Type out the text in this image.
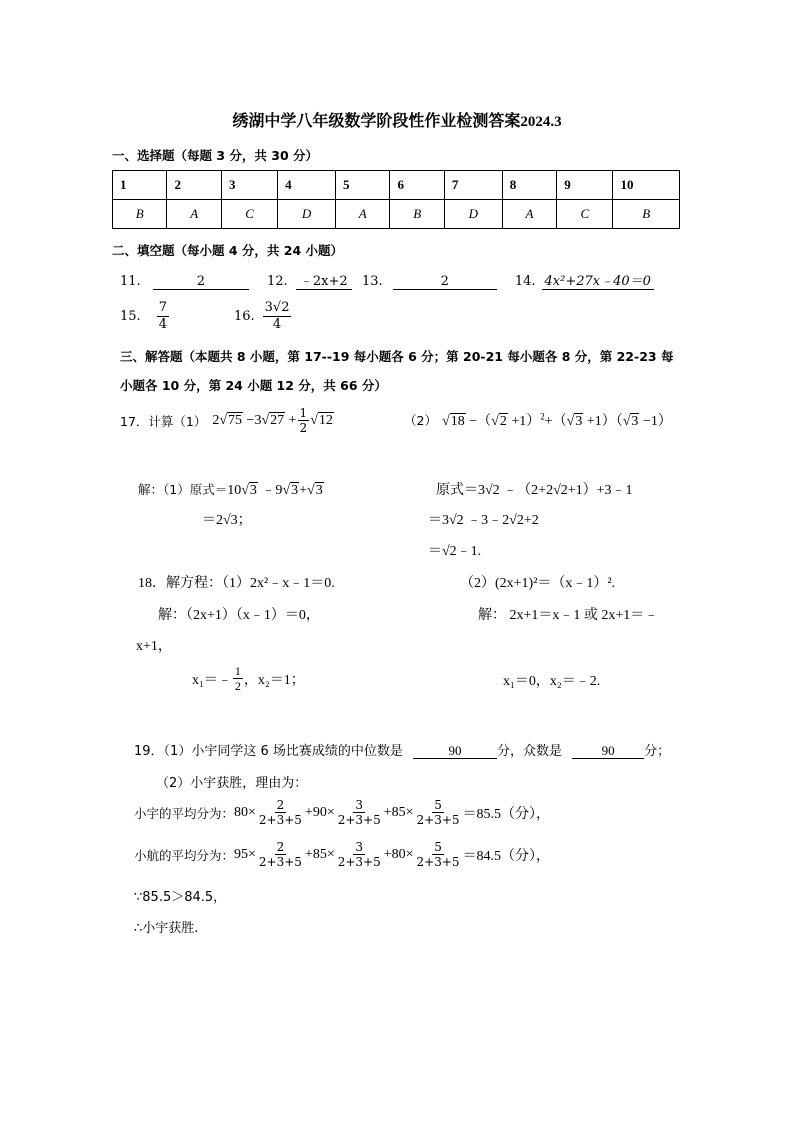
绣湖中学八年级数学阶段性作业检测答案2024.3
一、选择题（每题 3 分，共 30 分）
1	2	3	4	5	6	7	8	9	10
B	A	C	D	A	B	D	A	C	B
二、填空题（每小题 4 分，共 24 小题）
11.	2	12. ﹣2x+2 13.	2	14. 4x²+27x﹣40＝0
15. $\frac{7}{4}$	16. $\frac{3√2}{4}$
三、解答题（本题共 8 小题，第 17--19 每小题各 6 分；第 20-21 每小题各 8 分，第 22-23 每
小题各 10 分，第 24 小题 12 分，共 66 分）
17．计算（1） $2√75 -3√27 + \frac{1}{2} √12$	（2） $√18 -(√2 +1)^2+(√3 +1)(√3 -1)$
解：（1）原式＝10√3 ﹣9√3+√3
＝2√3；
原式＝3√2 ﹣（2+2√2+1）+3﹣1
＝3√2 ﹣3﹣2√2+2
＝√2﹣1.
18．解方程：（1）2x²﹣x﹣1＝0.	（2）(2x+1)²＝（x﹣1）².
解：（2x+1）（x﹣1）＝0，	解： 2x+1＝x﹣1 或 2x+1＝﹣
x+1，
x₁＝﹣ $\frac{1}{2}$ ，x₂＝1；	x₁＝0，x₂＝﹣2.
19．（1）小宇同学这 6 场比赛成绩的中位数是	90	分，众数是	90 分；
（2）小宇获胜，理由为：
小宇的平均分为： $80\times \frac{2}{2+3+5} +90\times \frac{3}{2+3+5} +85\times \frac{5}{2+3+5} =85.5$（分），
小航的平均分为： $95\times \frac{2}{2+3+5} +85\times \frac{3}{2+3+5} +80\times \frac{5}{2+3+5} =84.5$（分），
∵85.5＞84.5，
∴小宇获胜.
